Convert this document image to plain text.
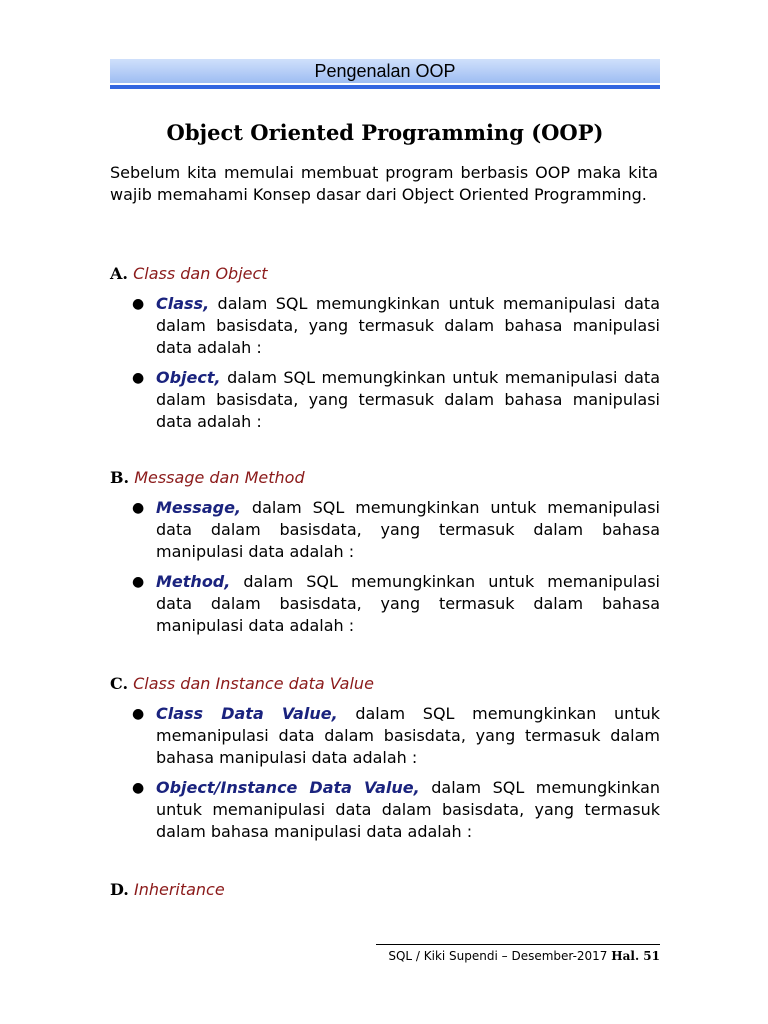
Pengenalan OOP
Object Oriented Programming (OOP)

Sebelum kita memulai membuat program berbasis OOP maka kita wajib memahami Konsep dasar dari Object Oriented Programming.

A. Class dan Object
● Class, dalam SQL memungkinkan untuk memanipulasi data dalam basisdata, yang termasuk dalam bahasa manipulasi data adalah :
● Object, dalam SQL memungkinkan untuk memanipulasi data dalam basisdata, yang termasuk dalam bahasa manipulasi data adalah :
B. Message dan Method
● Message, dalam SQL memungkinkan untuk memanipulasi data dalam basisdata, yang termasuk dalam bahasa manipulasi data adalah :
● Method, dalam SQL memungkinkan untuk memanipulasi data dalam basisdata, yang termasuk dalam bahasa manipulasi data adalah :
C. Class dan Instance data Value
● Class Data Value, dalam SQL memungkinkan untuk memanipulasi data dalam basisdata, yang termasuk dalam bahasa manipulasi data adalah :
● Object/Instance Data Value, dalam SQL memungkinkan untuk memanipulasi data dalam basisdata, yang termasuk dalam bahasa manipulasi data adalah :
D. Inheritance
SQL / Kiki Supendi – Desember-2017 Hal. 51
